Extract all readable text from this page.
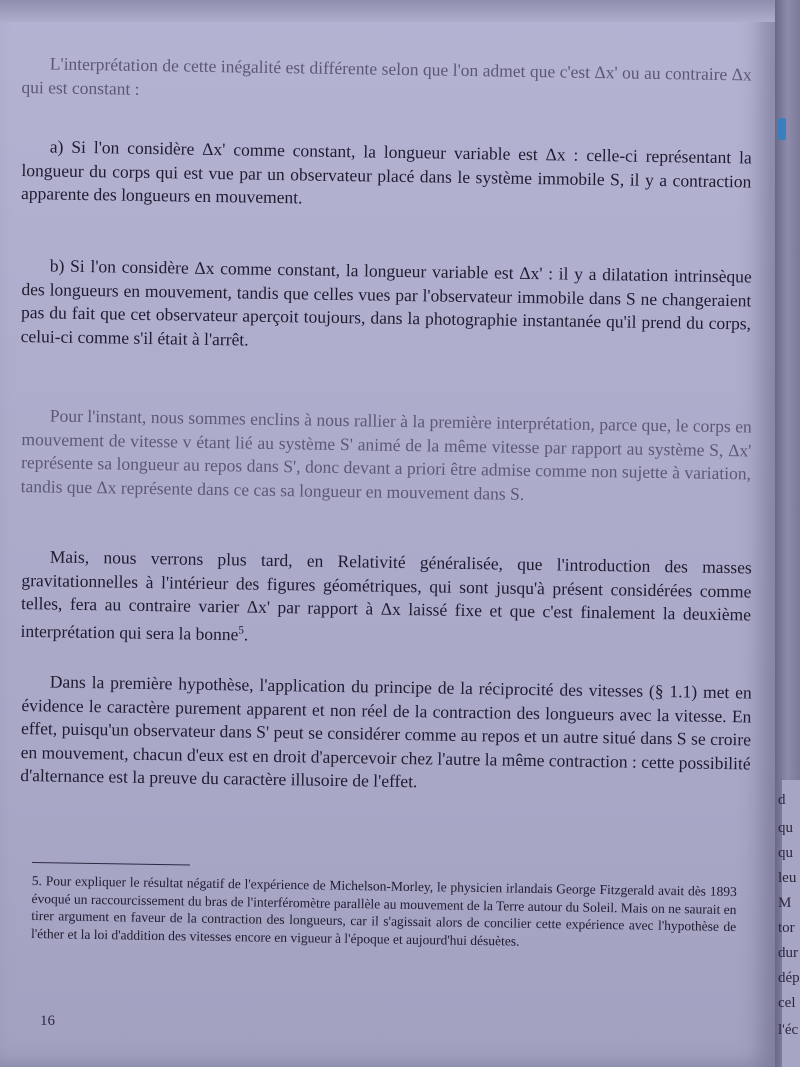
L'interprétation de cette inégalité est différente selon que l'on admet que c'est Δx' ou au contraire Δx qui est constant :

a) Si l'on considère Δx' comme constant, la longueur variable est Δx : celle-ci représentant la longueur du corps qui est vue par un observateur placé dans le système immobile S, il y a contraction apparente des longueurs en mouvement.

b) Si l'on considère Δx comme constant, la longueur variable est Δx' : il y a dilatation intrinsèque des longueurs en mouvement, tandis que celles vues par l'observateur immobile dans S ne changeraient pas du fait que cet observateur aperçoit toujours, dans la photographie instantanée qu'il prend du corps, celui-ci comme s'il était à l'arrêt.

Pour l'instant, nous sommes enclins à nous rallier à la première interprétation, parce que, le corps en mouvement de vitesse v étant lié au système S' animé de la même vitesse par rapport au système S, Δx' représente sa longueur au repos dans S', donc devant a priori être admise comme non sujette à variation, tandis que Δx représente dans ce cas sa longueur en mouvement dans S.

Mais, nous verrons plus tard, en Relativité généralisée, que l'introduction des masses gravitationnelles à l'intérieur des figures géométriques, qui sont jusqu'à présent considérées comme telles, fera au contraire varier Δx' par rapport à Δx laissé fixe et que c'est finalement la deuxième interprétation qui sera la bonne$^5$.

Dans la première hypothèse, l'application du principe de la réciprocité des vitesses (§ 1.1) met en évidence le caractère purement apparent et non réel de la contraction des longueurs avec la vitesse. En effet, puisqu'un observateur dans S' peut se considérer comme au repos et un autre situé dans S se croire en mouvement, chacun d'eux est en droit d'apercevoir chez l'autre la même contraction : cette possibilité d'alternance est la preuve du caractère illusoire de l'effet.

5. Pour expliquer le résultat négatif de l'expérience de Michelson-Morley, le physicien irlandais George Fitzgerald avait dès 1893 évoqué un raccourcissement du bras de l'interféromètre parallèle au mouvement de la Terre autour du Soleil. Mais on ne saurait en tirer argument en faveur de la contraction des longueurs, car il s'agissait alors de concilier cette expérience avec l'hypothèse de l'éther et la loi d'addition des vitesses encore en vigueur à l'époque et aujourd'hui désuètes.
16
d
qu
qu
leu
M
tor
dur
dép
cel
l'éc
